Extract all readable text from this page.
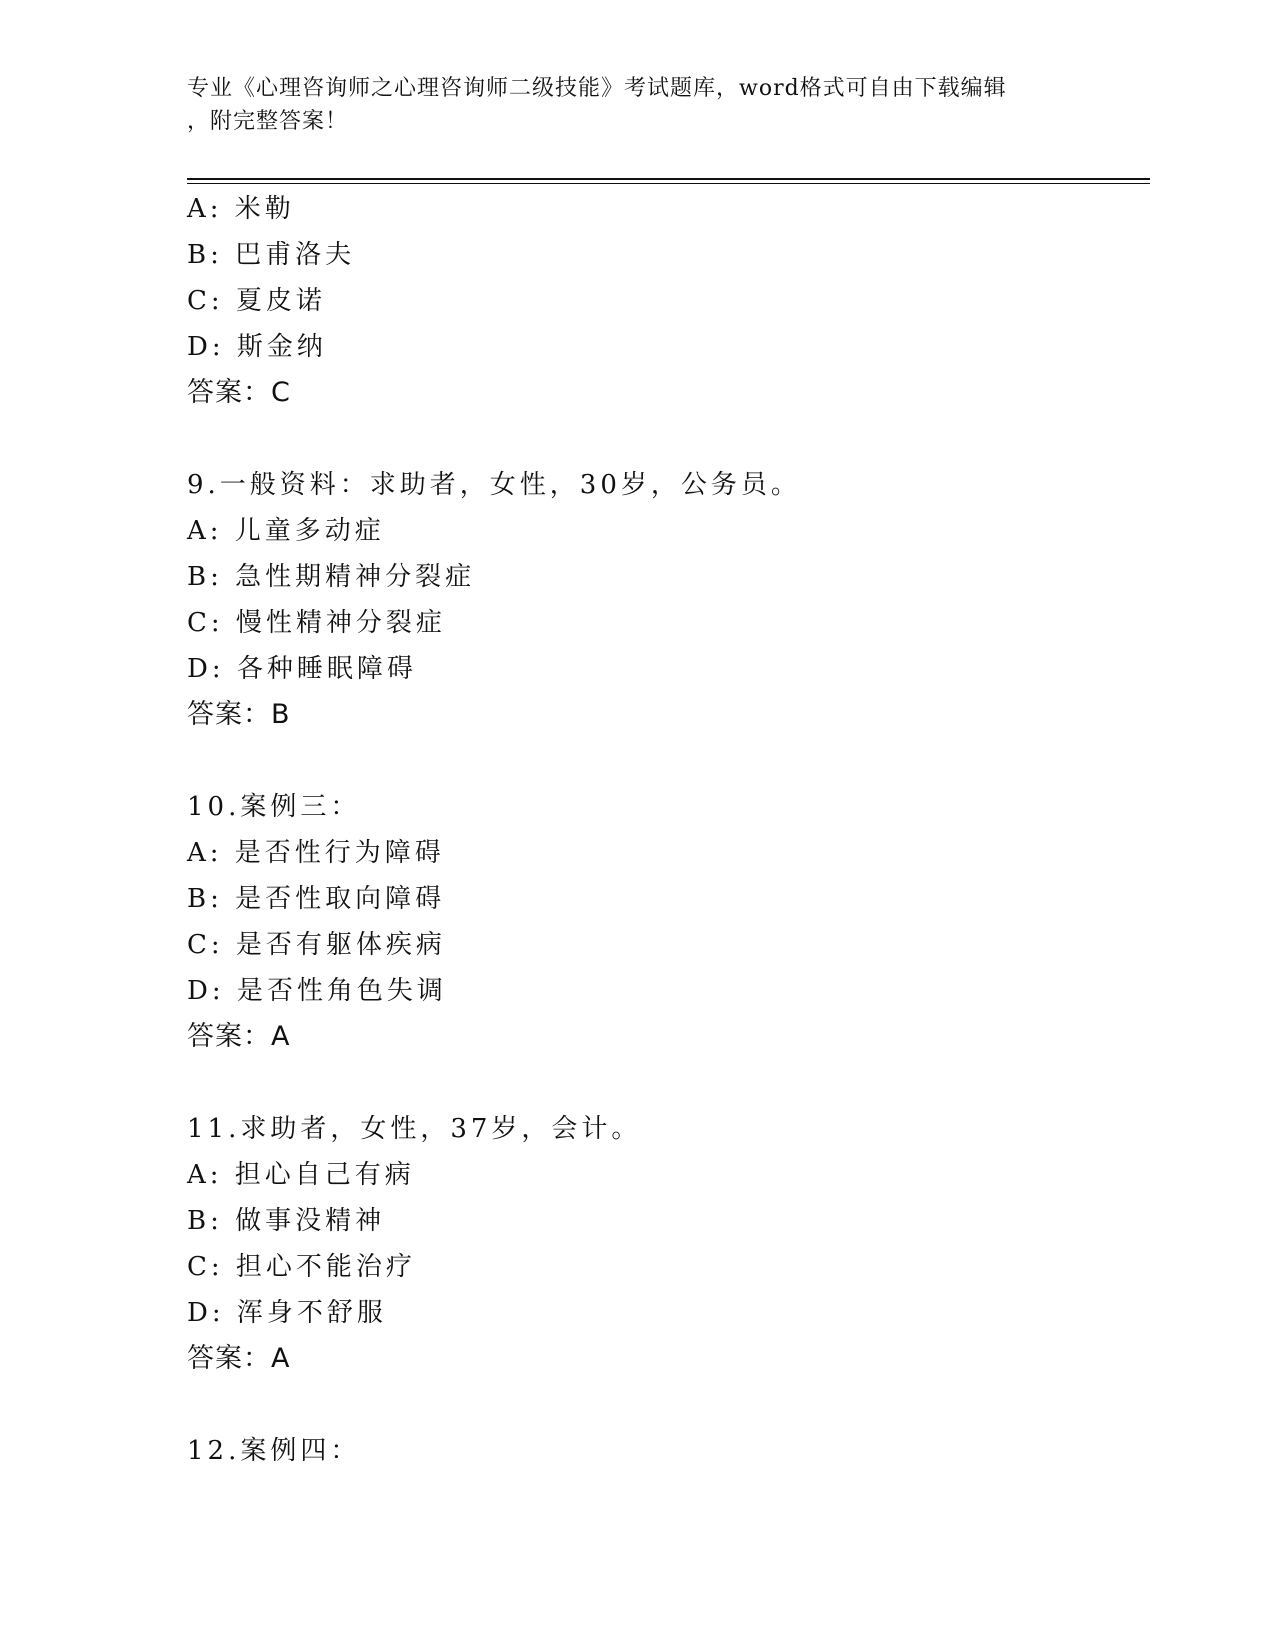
专业《心理咨询师之心理咨询师二级技能》考试题库，word格式可自由下载编辑
，附完整答案！
A: 米勒
B: 巴甫洛夫
C: 夏皮诺
D: 斯金纳
答案：C
9.一般资料：求助者，女性，30岁，公务员。
A: 儿童多动症
B: 急性期精神分裂症
C: 慢性精神分裂症
D: 各种睡眠障碍
答案：B
10.案例三：
A: 是否性行为障碍
B: 是否性取向障碍
C: 是否有躯体疾病
D: 是否性角色失调
答案：A
11.求助者，女性，37岁，会计。
A: 担心自己有病
B: 做事没精神
C: 担心不能治疗
D: 浑身不舒服
答案：A
12.案例四：
